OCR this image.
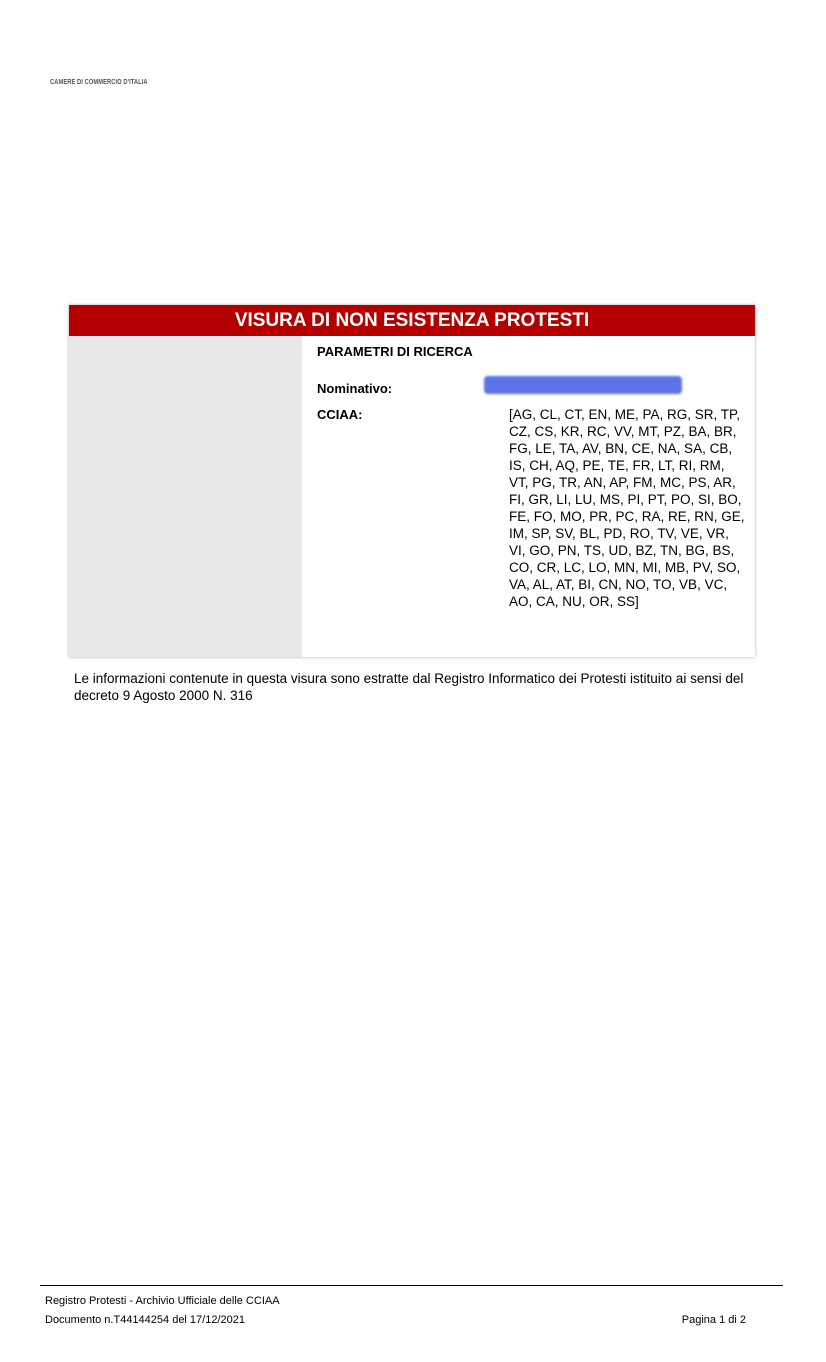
CAMERE DI COMMERCIO D'ITALIA
VISURA DI NON ESISTENZA PROTESTI
PARAMETRI DI RICERCA
Nominativo:
CCIAA:	[AG, CL, CT, EN, ME, PA, RG, SR, TP, CZ, CS, KR, RC, VV, MT, PZ, BA, BR, FG, LE, TA, AV, BN, CE, NA, SA, CB, IS, CH, AQ, PE, TE, FR, LT, RI, RM, VT, PG, TR, AN, AP, FM, MC, PS, AR, FI, GR, LI, LU, MS, PI, PT, PO, SI, BO, FE, FO, MO, PR, PC, RA, RE, RN, GE, IM, SP, SV, BL, PD, RO, TV, VE, VR, VI, GO, PN, TS, UD, BZ, TN, BG, BS, CO, CR, LC, LO, MN, MI, MB, PV, SO, VA, AL, AT, BI, CN, NO, TO, VB, VC, AO, CA, NU, OR, SS]
Le informazioni contenute in questa visura sono estratte dal Registro Informatico dei Protesti istituito ai sensi del decreto 9 Agosto 2000 N. 316
Registro Protesti - Archivio Ufficiale delle CCIAA
Documento n.T44144254 del 17/12/2021	Pagina 1 di 2
